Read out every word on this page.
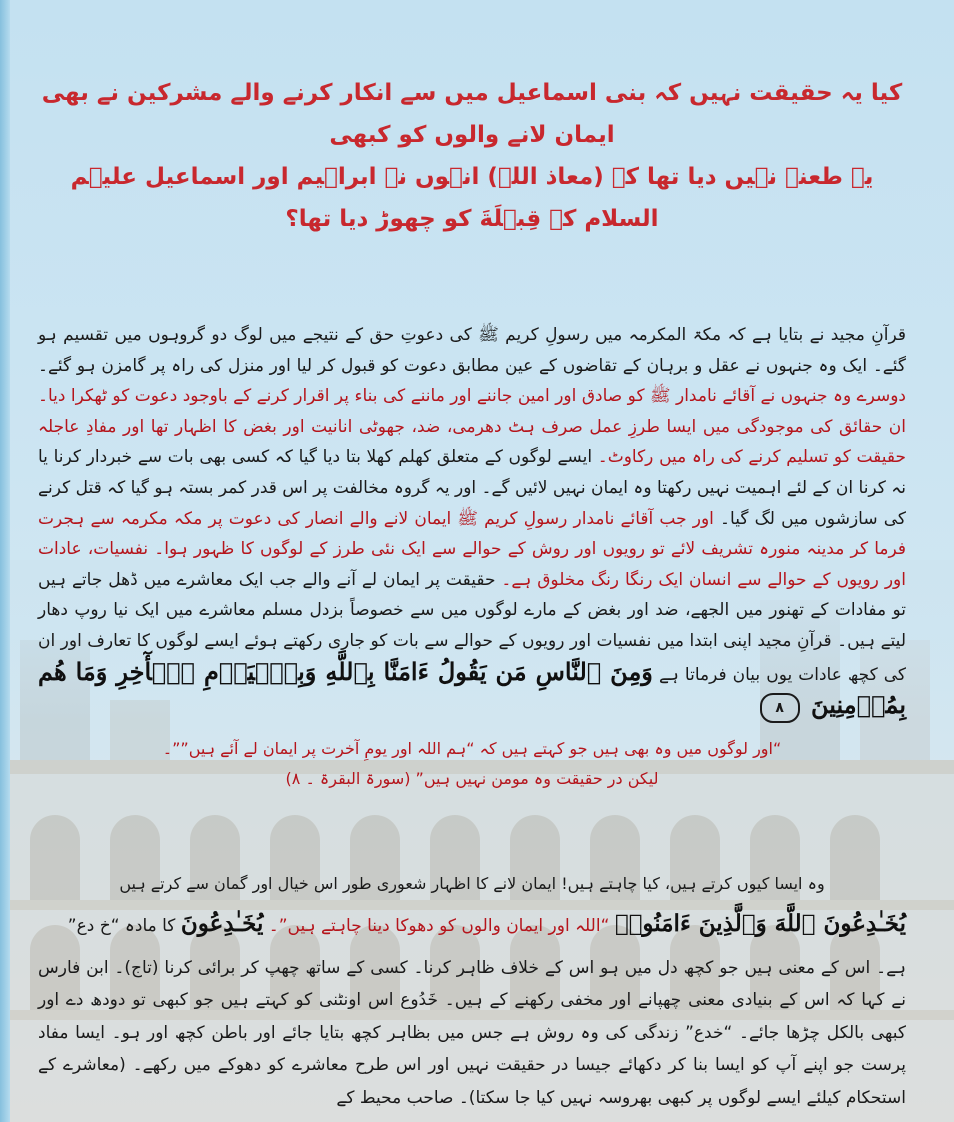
کیا یہ حقیقت نہیں کہ بنی اسماعیل میں سے انکار کرنے والے مشرکین نے بھی ایمان لانے والوں کو کبھی

یہ طعنہ نہیں دیا تھا کہ (معاذ اللہ) انہوں نے ابراہیم اور اسماعیل علیہم السلام کے قِبۡلَةَ کو چھوڑ دیا تھا؟

قرآنِ مجید نے بتایا ہے کہ مکۃ المکرمہ میں رسولِ کریم ﷺ کی دعوتِ حق کے نتیجے میں لوگ دو گروہوں میں تقسیم ہو گئے۔ ایک وہ جنہوں نے عقل و برہان کے تقاضوں کے عین مطابق دعوت کو قبول کر لیا اور منزل کی راہ پر گامزن ہو گئے۔ دوسرے وہ جنہوں نے آقائے نامدار ﷺ کو صادق اور امین جاننے اور ماننے کی بناء پر اقرار کرنے کے باوجود دعوت کو ٹھکرا دیا۔ ان حقائق کی موجودگی میں ایسا طرزِ عمل صرف ہٹ دھرمی، ضد، جھوٹی انانیت اور بغض کا اظہار تھا اور مفادِ عاجلہ حقیقت کو تسلیم کرنے کی راہ میں رکاوٹ۔ ایسے لوگوں کے متعلق کھلم کھلا بتا دیا گیا کہ کسی بھی بات سے خبردار کرنا یا نہ کرنا ان کے لئے اہمیت نہیں رکھتا وہ ایمان نہیں لائیں گے۔ اور یہ گروہ مخالفت پر اس قدر کمر بستہ ہو گیا کہ قتل کرنے کی سازشوں میں لگ گیا۔ اور جب آقائے نامدار رسولِ کریم ﷺ ایمان لانے والے انصار کی دعوت پر مکہ مکرمہ سے ہجرت فرما کر مدینہ منورہ تشریف لائے تو رویوں اور روش کے حوالے سے ایک نئی طرز کے لوگوں کا ظہور ہوا۔ نفسیات، عادات اور رویوں کے حوالے سے انسان ایک رنگا رنگ مخلوق ہے۔ حقیقت پر ایمان لے آنے والے جب ایک معاشرے میں ڈھل جاتے ہیں تو مفادات کے تھنور میں الجھے، ضد اور بغض کے مارے لوگوں میں سے خصوصاً بزدل مسلم معاشرے میں ایک نیا روپ دھار لیتے ہیں۔ قرآنِ مجید اپنی ابتدا میں نفسیات اور رویوں کے حوالے سے بات کو جاری رکھتے ہوئے ایسے لوگوں کا تعارف اور ان کی کچھ عادات یوں بیان فرماتا ہے وَمِنَ ٱلنَّاسِ مَن يَقُولُ ءَامَنَّا بِٱللَّهِ وَبِٱلۡيَوۡمِ ٱلۡأٓخِرِ وَمَا هُم بِمُؤۡمِنِينَ ۸

“اور لوگوں میں وہ بھی ہیں جو کہتے ہیں کہ “ہم اللہ اور یومِ آخرت پر ایمان لے آئے ہیں””۔

لیکن در حقیقت وہ مومن نہیں ہیں” (سورۃ البقرۃ ۔ ۸)

وہ ایسا کیوں کرتے ہیں، کیا چاہتے ہیں! ایمان لانے کا اظہار شعوری طور اس خیال اور گمان سے کرتے ہیں

يُخَـٰدِعُونَ ٱللَّهَ وَٱلَّذِينَ ءَامَنُوا۟ “اللہ اور ایمان والوں کو دھوکا دینا چاہتے ہیں”۔ يُخَـٰدِعُونَ کا مادہ “خ دع”

ہے۔ اس کے معنی ہیں جو کچھ دل میں ہو اس کے خلاف ظاہر کرنا۔ کسی کے ساتھ چھپ کر برائی کرنا (تاج)۔ ابن فارس نے کہا کہ اس کے بنیادی معنی چھپانے اور مخفی رکھنے کے ہیں۔ خَدُوع اس اونٹنی کو کہتے ہیں جو کبھی تو دودھ دے اور کبھی بالکل چڑھا جائے۔ “خدع” زندگی کی وہ روش ہے جس میں بظاہر کچھ بتایا جائے اور باطن کچھ اور ہو۔ ایسا مفاد پرست جو اپنے آپ کو ایسا بنا کر دکھائے جیسا در حقیقت نہیں اور اس طرح معاشرے کو دھوکے میں رکھے۔ (معاشرے کے استحکام کیلئے ایسے لوگوں پر کبھی بھروسہ نہیں کیا جا سکتا)۔ صاحب محیط کے
